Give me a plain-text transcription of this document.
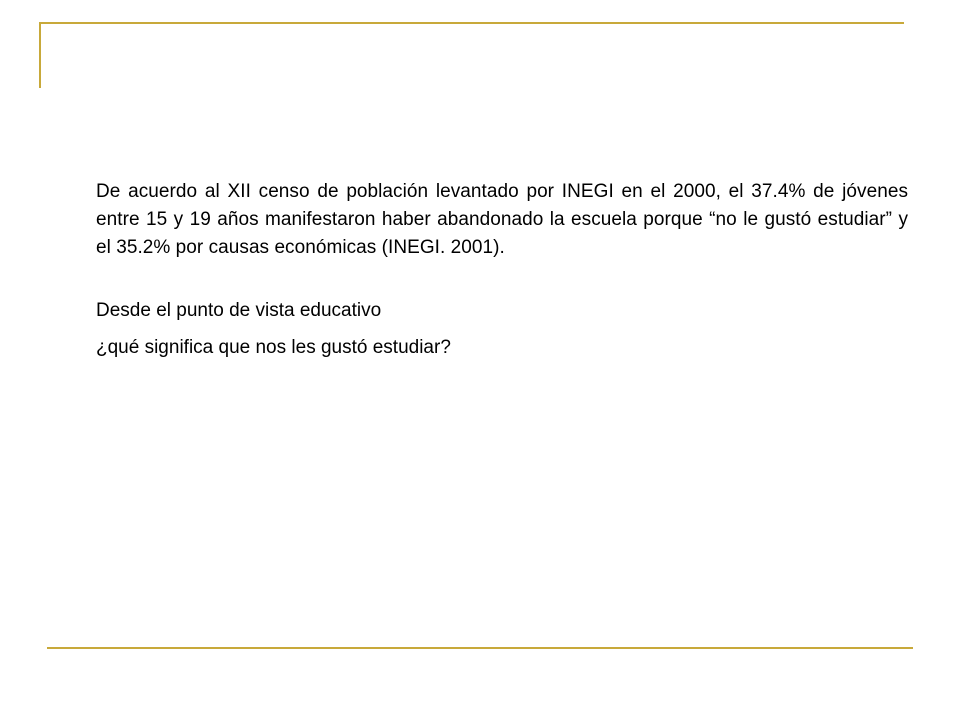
De acuerdo al XII censo de población levantado por INEGI en el 2000, el 37.4% de jóvenes entre 15 y 19 años manifestaron haber abandonado la escuela porque “no le gustó estudiar” y el 35.2% por causas económicas (INEGI. 2001).

Desde el punto de vista educativo

¿qué significa que nos les gustó estudiar?
